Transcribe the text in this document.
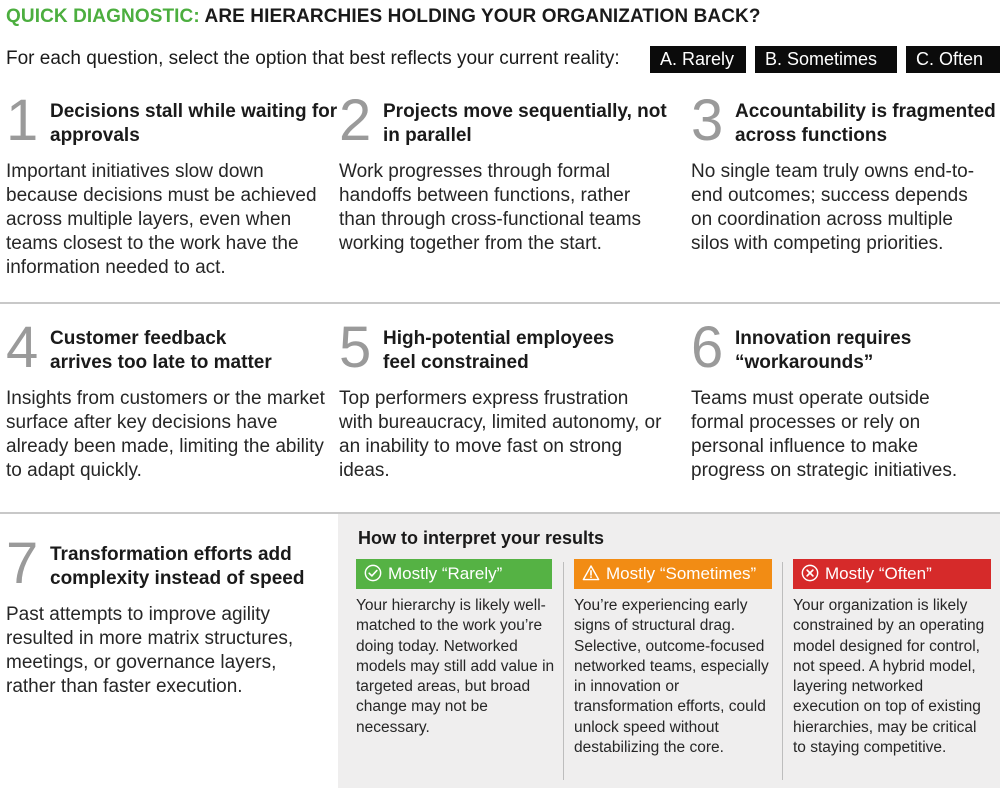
QUICK DIAGNOSTIC: ARE HIERARCHIES HOLDING YOUR ORGANIZATION BACK?
For each question, select the option that best reflects your current reality:	A. Rarely	B. Sometimes	C. Often
1 Decisions stall while waiting for approvals
Important initiatives slow down because decisions must be achieved across multiple layers, even when teams closest to the work have the information needed to act.
2 Projects move sequentially, not in parallel
Work progresses through formal handoffs between functions, rather than through cross-functional teams working together from the start.
3 Accountability is fragmented across functions
No single team truly owns end-to-end outcomes; success depends on coordination across multiple silos with competing priorities.
4 Customer feedback arrives too late to matter
Insights from customers or the market surface after key decisions have already been made, limiting the ability to adapt quickly.
5 High-potential employees feel constrained
Top performers express frustration with bureaucracy, limited autonomy, or an inability to move fast on strong ideas.
6 Innovation requires “workarounds”
Teams must operate outside formal processes or rely on personal influence to make progress on strategic initiatives.
7 Transformation efforts add complexity instead of speed
Past attempts to improve agility resulted in more matrix structures, meetings, or governance layers, rather than faster execution.
How to interpret your results
Mostly “Rarely”
Your hierarchy is likely well-matched to the work you’re doing today. Networked models may still add value in targeted areas, but broad change may not be necessary.
Mostly “Sometimes”
You’re experiencing early signs of structural drag. Selective, outcome-focused networked teams, especially in innovation or transformation efforts, could unlock speed without destabilizing the core.
Mostly “Often”
Your organization is likely constrained by an operating model designed for control, not speed. A hybrid model, layering networked execution on top of existing hierarchies, may be critical to staying competitive.
